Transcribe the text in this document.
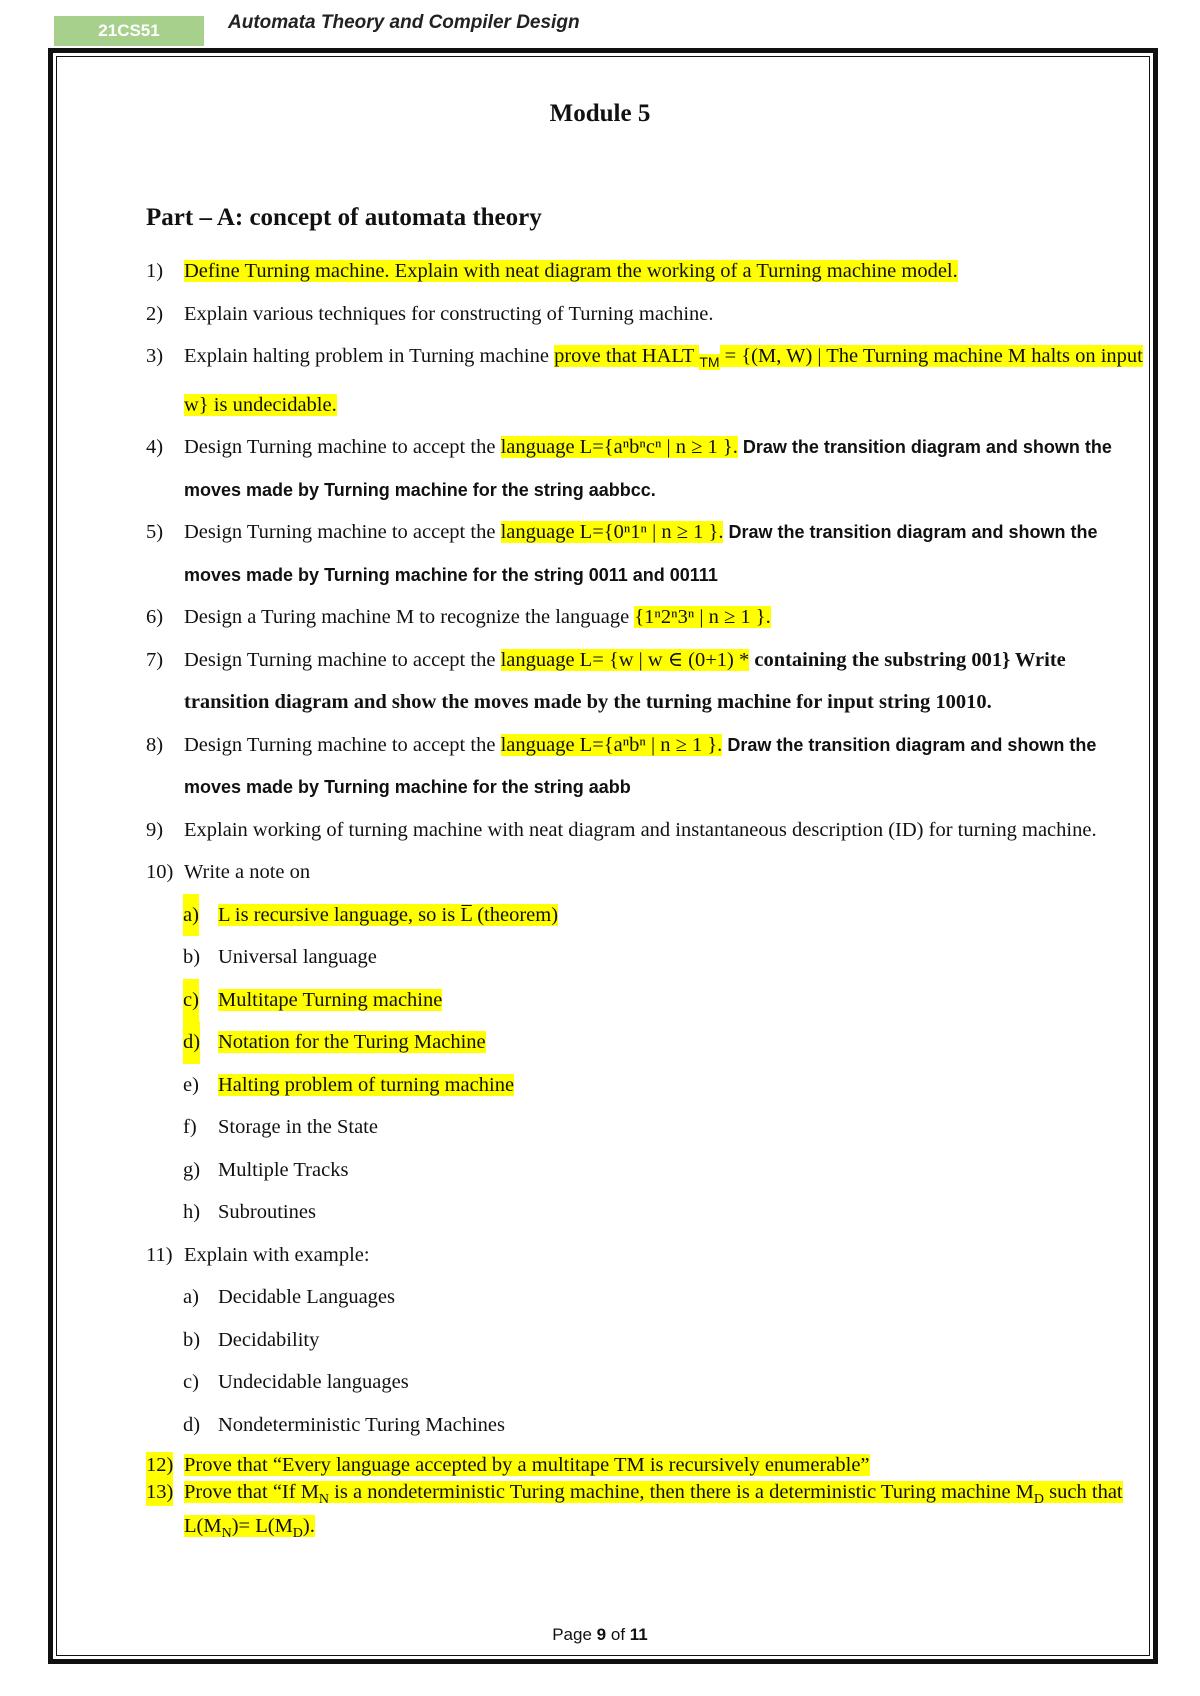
21CS51	Automata Theory and Compiler Design
Module 5
Part – A: concept of automata theory
1) Define Turning machine. Explain with neat diagram the working of a Turning machine model.
2) Explain various techniques for constructing of Turning machine.
3) Explain halting problem in Turning machine prove that HALT $_{TM}$ = {(M, W) | The Turning machine M halts on input w} is undecidable.
4) Design Turning machine to accept the language L={aⁿbⁿcⁿ | n ≥ 1 }. Draw the transition diagram and shown the moves made by Turning machine for the string aabbcc.
5) Design Turning machine to accept the language L={0ⁿ1ⁿ | n ≥ 1 }. Draw the transition diagram and shown the moves made by Turning machine for the string 0011 and 00111
6) Design a Turing machine M to recognize the language {1ⁿ2ⁿ3ⁿ | n ≥ 1 }.
7) Design Turning machine to accept the language L= {w | w ∈ (0+1) * containing the substring 001} Write transition diagram and show the moves made by the turning machine for input string 10010.
8) Design Turning machine to accept the language L={aⁿbⁿ | n ≥ 1 }. Draw the transition diagram and shown the moves made by Turning machine for the string aabb
9) Explain working of turning machine with neat diagram and instantaneous description (ID) for turning machine.
10) Write a note on
a) L is recursive language, so is L̅ (theorem)
b) Universal language
c) Multitape Turning machine
d) Notation for the Turing Machine
e) Halting problem of turning machine
f) Storage in the State
g) Multiple Tracks
h) Subroutines
11) Explain with example:
a) Decidable Languages
b) Decidability
c) Undecidable languages
d) Nondeterministic Turing Machines
12) Prove that “Every language accepted by a multitape TM is recursively enumerable”
13) Prove that “If $M_N$ is a nondeterministic Turing machine, then there is a deterministic Turing machine $M_D$ such that $L(M_N)= L(M_D)$.
Page 9 of 11
